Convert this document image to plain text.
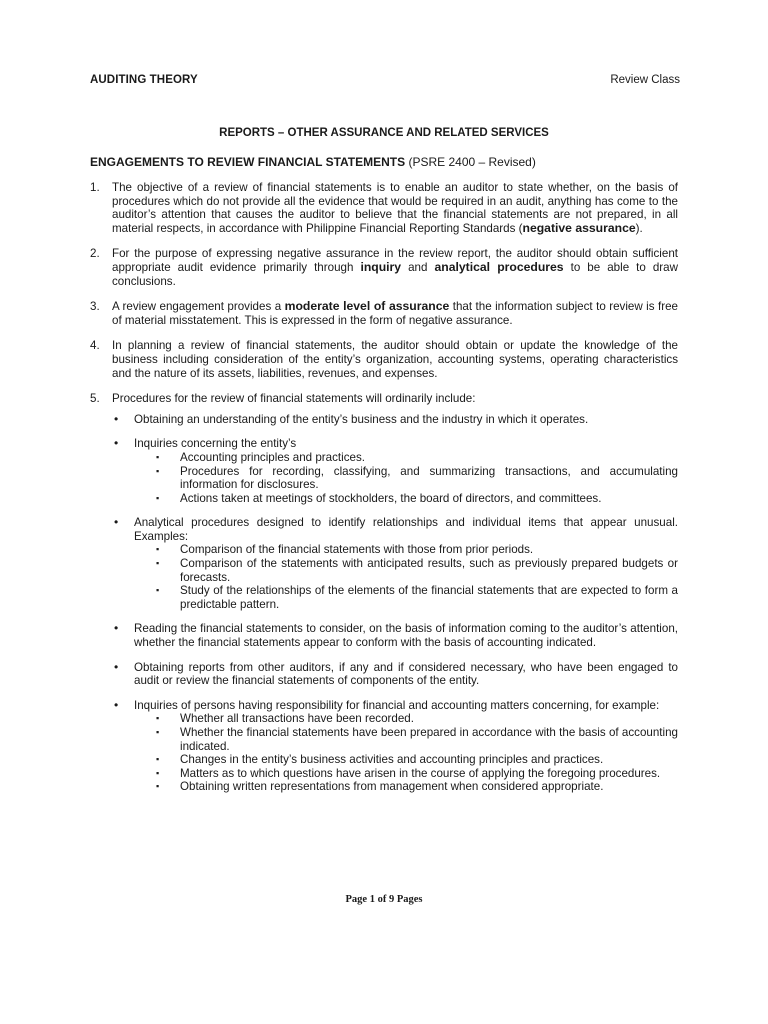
AUDITING THEORY	Review Class
REPORTS – OTHER ASSURANCE AND RELATED SERVICES
ENGAGEMENTS TO REVIEW FINANCIAL STATEMENTS (PSRE 2400 – Revised)
1.	The objective of a review of financial statements is to enable an auditor to state whether, on the basis of procedures which do not provide all the evidence that would be required in an audit, anything has come to the auditor’s attention that causes the auditor to believe that the financial statements are not prepared, in all material respects, in accordance with Philippine Financial Reporting Standards (negative assurance).
2.	For the purpose of expressing negative assurance in the review report, the auditor should obtain sufficient appropriate audit evidence primarily through inquiry and analytical procedures to be able to draw conclusions.
3.	A review engagement provides a moderate level of assurance that the information subject to review is free of material misstatement. This is expressed in the form of negative assurance.
4.	In planning a review of financial statements, the auditor should obtain or update the knowledge of the business including consideration of the entity’s organization, accounting systems, operating characteristics and the nature of its assets, liabilities, revenues, and expenses.
5.	Procedures for the review of financial statements will ordinarily include:
•	Obtaining an understanding of the entity’s business and the industry in which it operates.
•	Inquiries concerning the entity’s
▪	Accounting principles and practices.
▪	Procedures for recording, classifying, and summarizing transactions, and accumulating information for disclosures.
▪	Actions taken at meetings of stockholders, the board of directors, and committees.
•	Analytical procedures designed to identify relationships and individual items that appear unusual. Examples:
▪	Comparison of the financial statements with those from prior periods.
▪	Comparison of the statements with anticipated results, such as previously prepared budgets or forecasts.
▪	Study of the relationships of the elements of the financial statements that are expected to form a predictable pattern.
•	Reading the financial statements to consider, on the basis of information coming to the auditor’s attention, whether the financial statements appear to conform with the basis of accounting indicated.
•	Obtaining reports from other auditors, if any and if considered necessary, who have been engaged to audit or review the financial statements of components of the entity.
•	Inquiries of persons having responsibility for financial and accounting matters concerning, for example:
▪	Whether all transactions have been recorded.
▪	Whether the financial statements have been prepared in accordance with the basis of accounting indicated.
▪	Changes in the entity’s business activities and accounting principles and practices.
▪	Matters as to which questions have arisen in the course of applying the foregoing procedures.
▪	Obtaining written representations from management when considered appropriate.
Page 1 of 9 Pages
